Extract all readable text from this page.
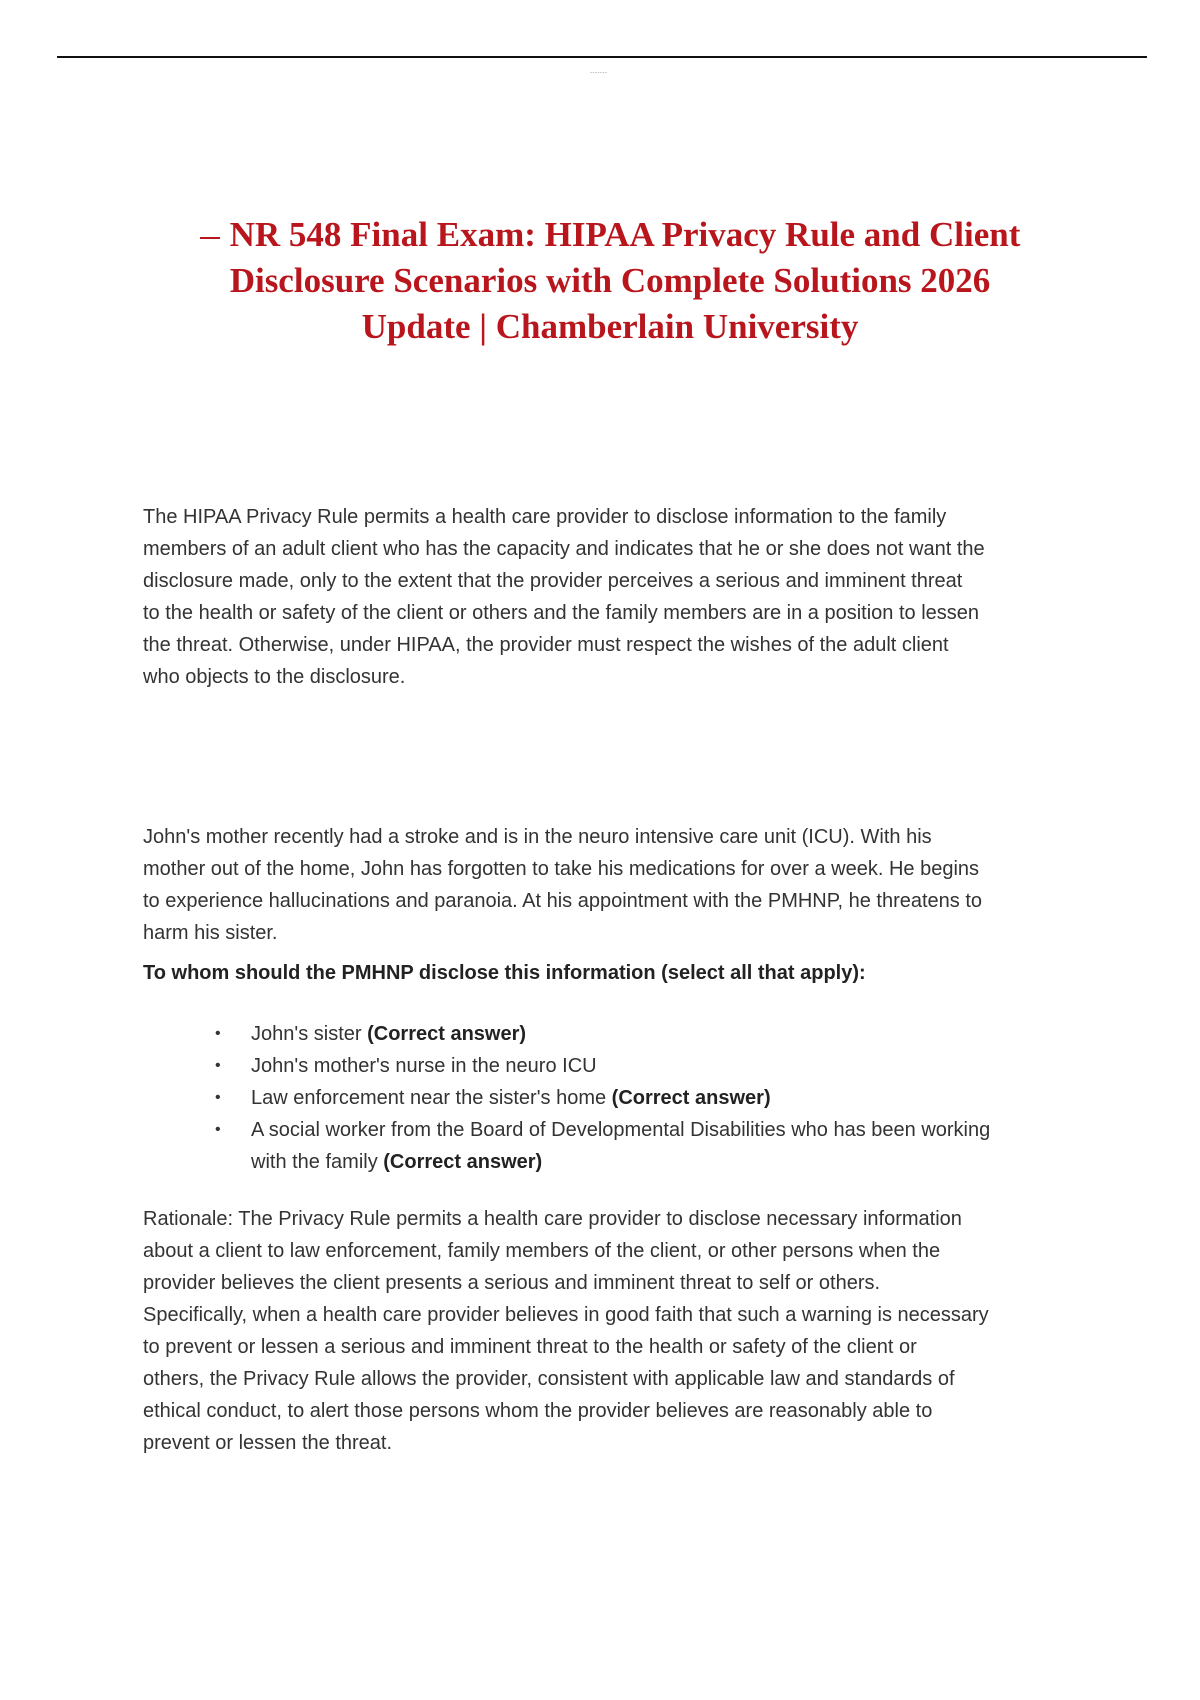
-------
NR 548 Final Exam: HIPAA Privacy Rule and Client
Disclosure Scenarios with Complete Solutions 2026
Update | Chamberlain University

The HIPAA Privacy Rule permits a health care provider to disclose information to the family
members of an adult client who has the capacity and indicates that he or she does not want the
disclosure made, only to the extent that the provider perceives a serious and imminent threat
to the health or safety of the client or others and the family members are in a position to lessen
the threat. Otherwise, under HIPAA, the provider must respect the wishes of the adult client
who objects to the disclosure.

John's mother recently had a stroke and is in the neuro intensive care unit (ICU). With his
mother out of the home, John has forgotten to take his medications for over a week. He begins
to experience hallucinations and paranoia. At his appointment with the PMHNP, he threatens to
harm his sister.

To whom should the PMHNP disclose this information (select all that apply):

• John's sister (Correct answer)
• John's mother's nurse in the neuro ICU
• Law enforcement near the sister's home (Correct answer)
• A social worker from the Board of Developmental Disabilities who has been working
with the family (Correct answer)

Rationale: The Privacy Rule permits a health care provider to disclose necessary information
about a client to law enforcement, family members of the client, or other persons when the
provider believes the client presents a serious and imminent threat to self or others.
Specifically, when a health care provider believes in good faith that such a warning is necessary
to prevent or lessen a serious and imminent threat to the health or safety of the client or
others, the Privacy Rule allows the provider, consistent with applicable law and standards of
ethical conduct, to alert those persons whom the provider believes are reasonably able to
prevent or lessen the threat.
